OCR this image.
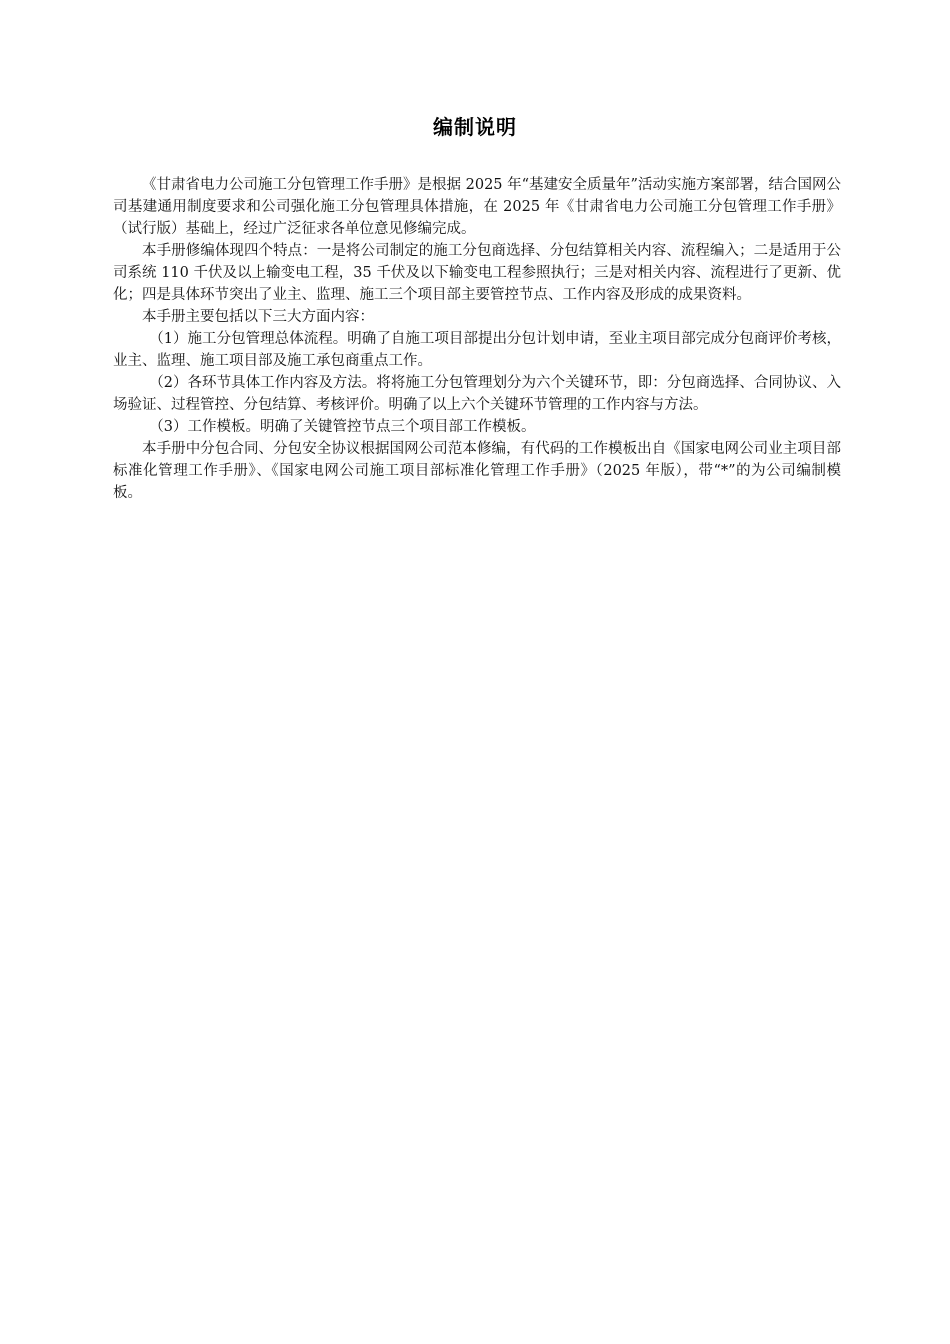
编制说明

《甘肃省电力公司施工分包管理工作手册》是根据 2025 年“基建安全质量年”活动实施方案部署，结合国网公司基建通用制度要求和公司强化施工分包管理具体措施，在 2025 年《甘肃省电力公司施工分包管理工作手册》（试行版）基础上，经过广泛征求各单位意见修编完成。

本手册修编体现四个特点：一是将公司制定的施工分包商选择、分包结算相关内容、流程编入；二是适用于公司系统 110 千伏及以上输变电工程，35 千伏及以下输变电工程参照执行；三是对相关内容、流程进行了更新、优化；四是具体环节突出了业主、监理、施工三个项目部主要管控节点、工作内容及形成的成果资料。

本手册主要包括以下三大方面内容：

（1）施工分包管理总体流程。明确了自施工项目部提出分包计划申请，至业主项目部完成分包商评价考核，业主、监理、施工项目部及施工承包商重点工作。

（2）各环节具体工作内容及方法。将将施工分包管理划分为六个关键环节，即：分包商选择、合同协议、入场验证、过程管控、分包结算、考核评价。明确了以上六个关键环节管理的工作内容与方法。

（3）工作模板。明确了关键管控节点三个项目部工作模板。

本手册中分包合同、分包安全协议根据国网公司范本修编，有代码的工作模板出自《国家电网公司业主项目部标准化管理工作手册》、《国家电网公司施工项目部标准化管理工作手册》（2025 年版），带“*”的为公司编制模板。
